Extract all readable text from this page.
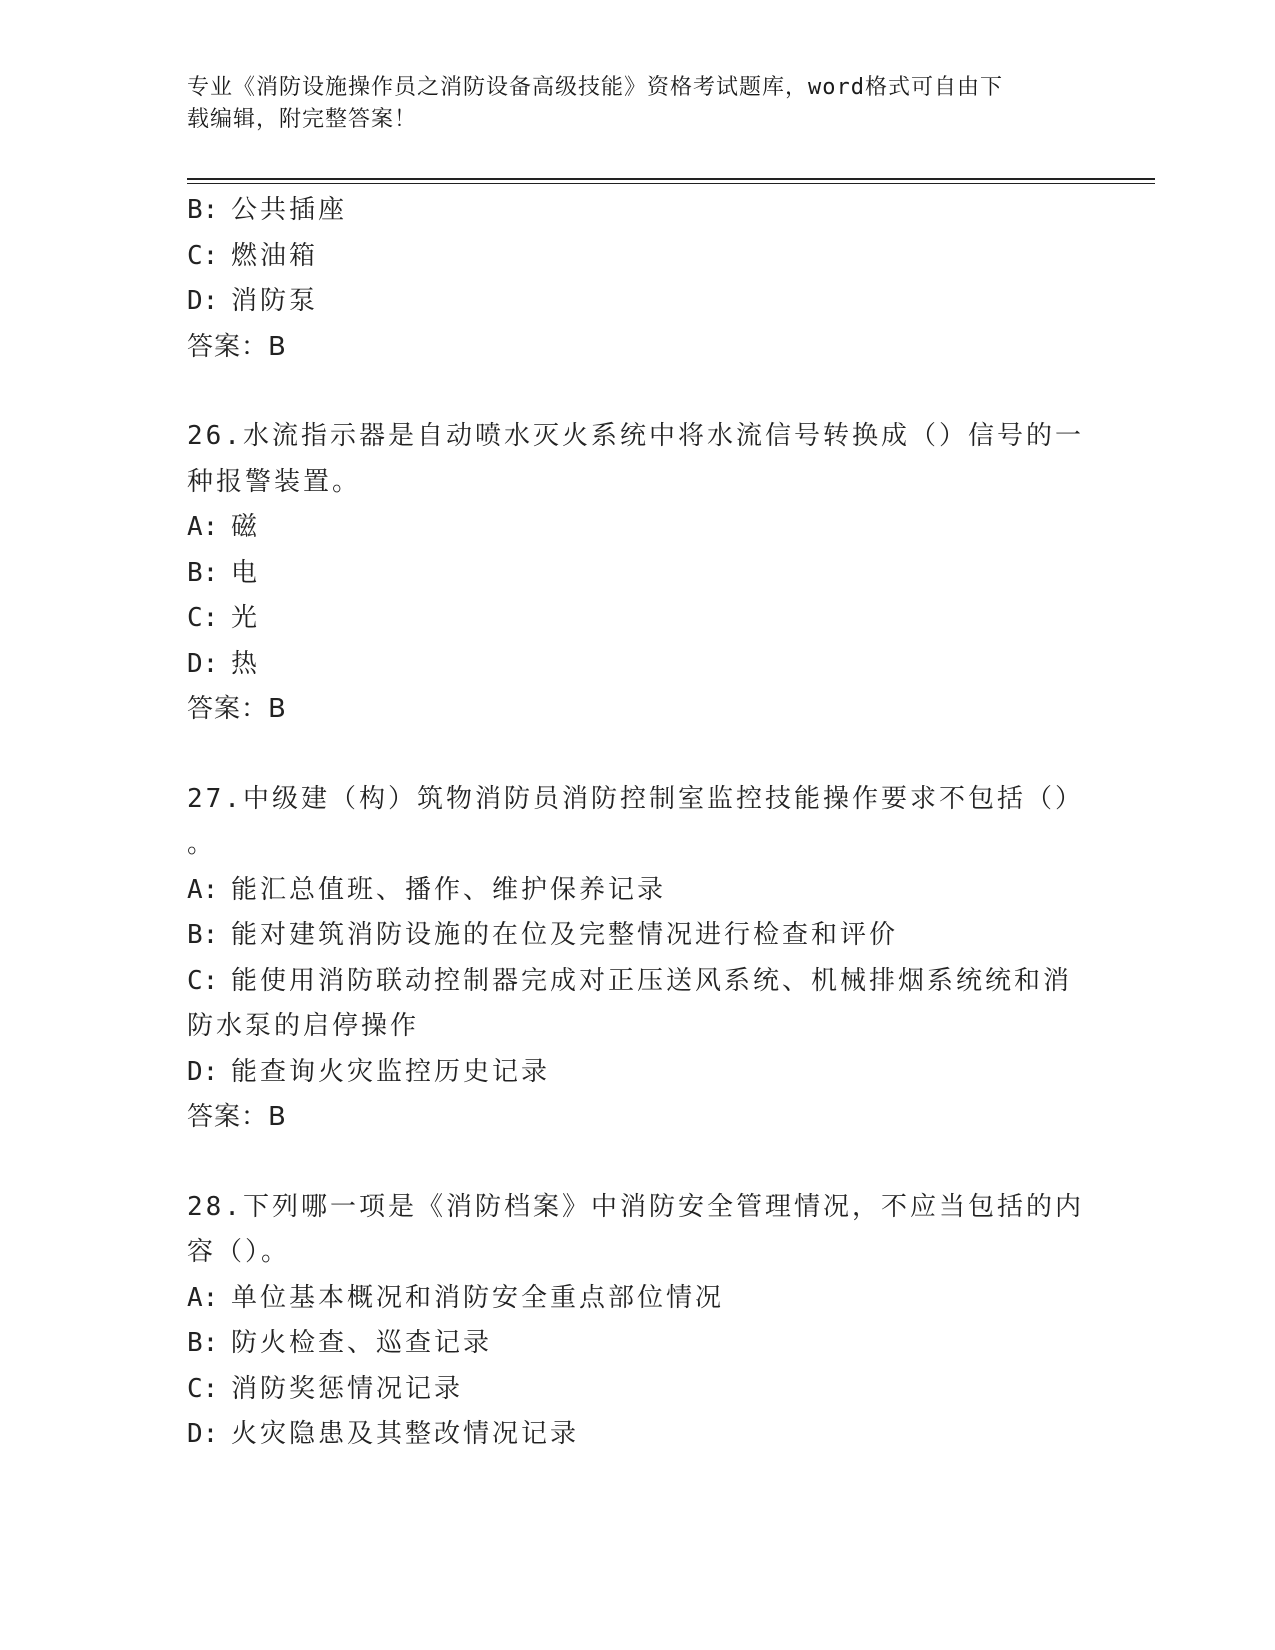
专业《消防设施操作员之消防设备高级技能》资格考试题库，word格式可自由下
载编辑，附完整答案！
B: 公共插座
C: 燃油箱
D: 消防泵
答案：B
26.水流指示器是自动喷水灭火系统中将水流信号转换成（）信号的一
种报警装置。
A: 磁
B: 电
C: 光
D: 热
答案：B
27.中级建（构）筑物消防员消防控制室监控技能操作要求不包括（）
。
A: 能汇总值班、播作、维护保养记录
B: 能对建筑消防设施的在位及完整情况进行检查和评价
C: 能使用消防联动控制器完成对正压送风系统、机械排烟系统统和消
防水泵的启停操作
D: 能查询火灾监控历史记录
答案：B
28.下列哪一项是《消防档案》中消防安全管理情况，不应当包括的内
容（）。
A: 单位基本概况和消防安全重点部位情况
B: 防火检查、巡查记录
C: 消防奖惩情况记录
D: 火灾隐患及其整改情况记录
